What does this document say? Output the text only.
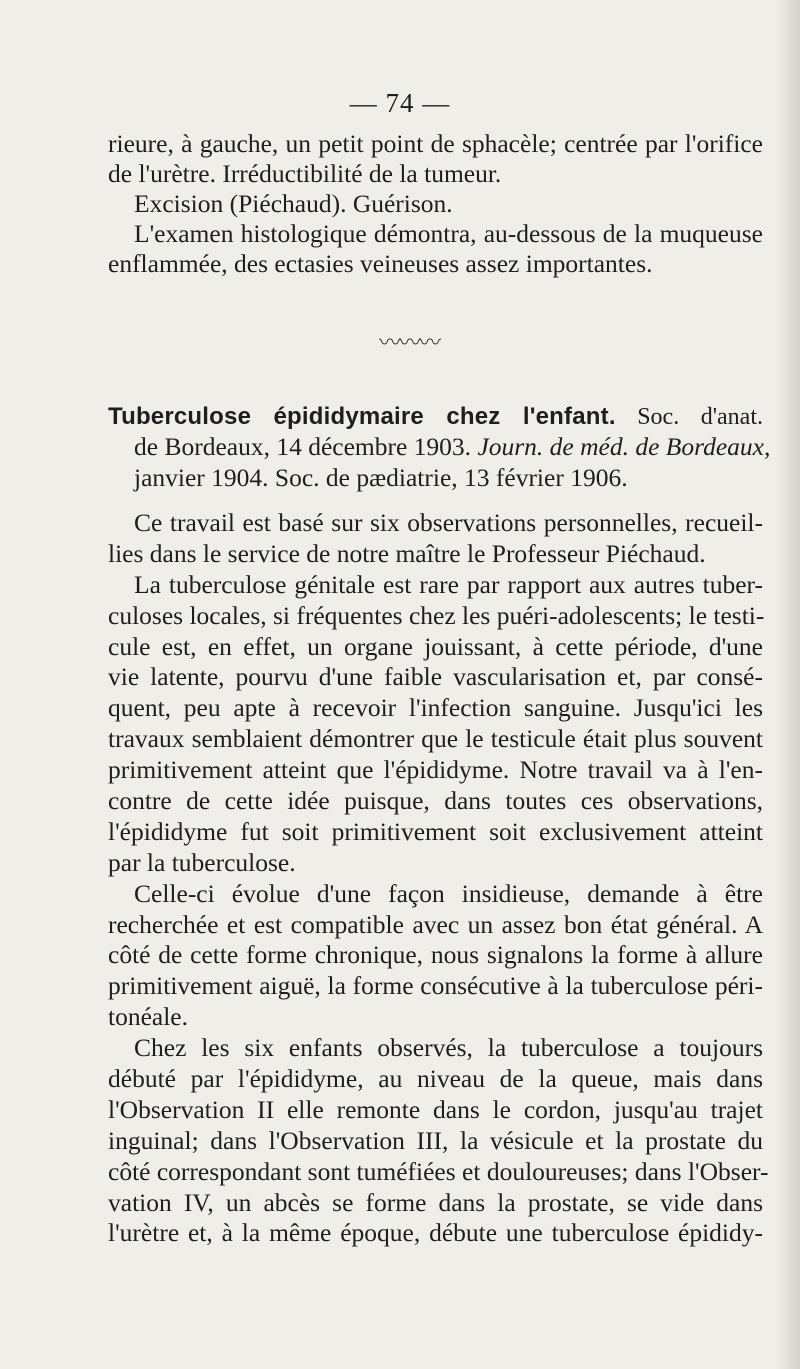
— 74 —
rieure, à gauche, un petit point de sphacèle; centrée par l'orifice
de l'urètre. Irréductibilité de la tumeur.
Excision (Piéchaud). Guérison.
L'examen histologique démontra, au-dessous de la muqueuse
enflammée, des ectasies veineuses assez importantes.
〰〰〰
Tuberculose épididymaire chez l'enfant. Soc. d'anat.
de Bordeaux, 14 décembre 1903. Journ. de méd. de Bordeaux,
janvier 1904. Soc. de pædiatrie, 13 février 1906.
Ce travail est basé sur six observations personnelles, recueil-
lies dans le service de notre maître le Professeur Piéchaud.
La tuberculose génitale est rare par rapport aux autres tuber-
culoses locales, si fréquentes chez les puéri-adolescents; le testi-
cule est, en effet, un organe jouissant, à cette période, d'une
vie latente, pourvu d'une faible vascularisation et, par consé-
quent, peu apte à recevoir l'infection sanguine. Jusqu'ici les
travaux semblaient démontrer que le testicule était plus souvent
primitivement atteint que l'épididyme. Notre travail va à l'en-
contre de cette idée puisque, dans toutes ces observations,
l'épididyme fut soit primitivement soit exclusivement atteint
par la tuberculose.
Celle-ci évolue d'une façon insidieuse, demande à être
recherchée et est compatible avec un assez bon état général. A
côté de cette forme chronique, nous signalons la forme à allure
primitivement aiguë, la forme consécutive à la tuberculose péri-
tonéale.
Chez les six enfants observés, la tuberculose a toujours
débuté par l'épididyme, au niveau de la queue, mais dans
l'Observation II elle remonte dans le cordon, jusqu'au trajet
inguinal; dans l'Observation III, la vésicule et la prostate du
côté correspondant sont tuméfiées et douloureuses; dans l'Obser-
vation IV, un abcès se forme dans la prostate, se vide dans
l'urètre et, à la même époque, débute une tuberculose épididy-
